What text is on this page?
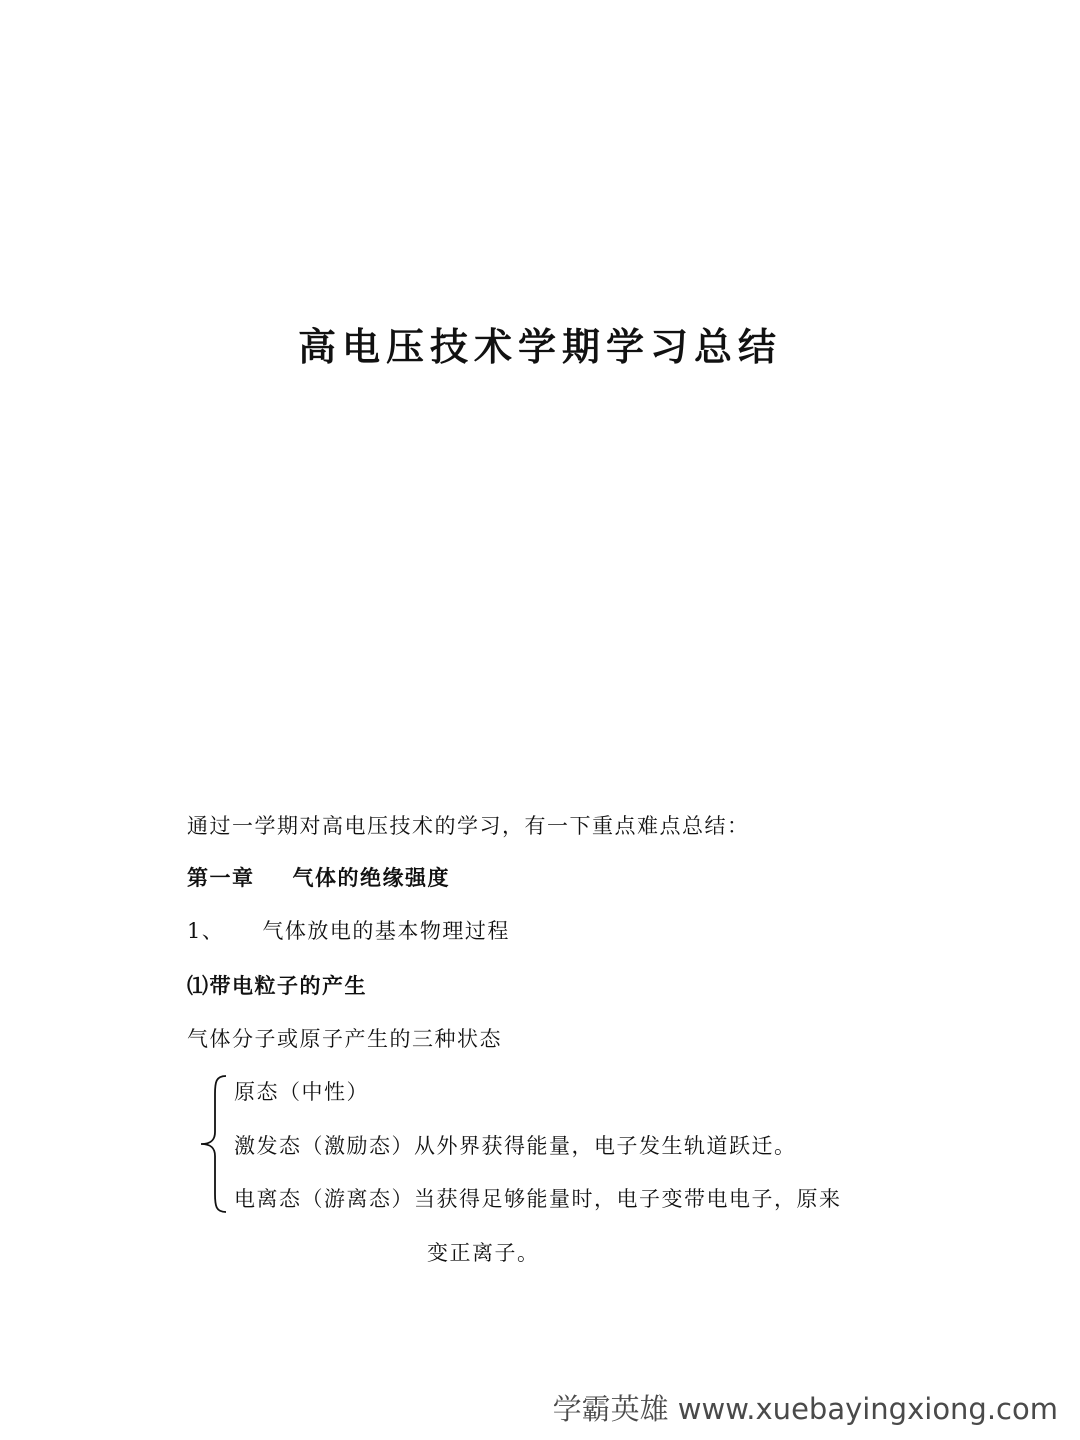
高电压技术学期学习总结
通过一学期对高电压技术的学习，有一下重点难点总结：
第一章 气体的绝缘强度
1、 气体放电的基本物理过程
⑴带电粒子的产生
气体分子或原子产生的三种状态
原态（中性）
激发态（激励态）从外界获得能量，电子发生轨道跃迁。
电离态（游离态）当获得足够能量时，电子变带电电子，原来
变正离子。
学霸英雄 www.xuebayingxiong.com
